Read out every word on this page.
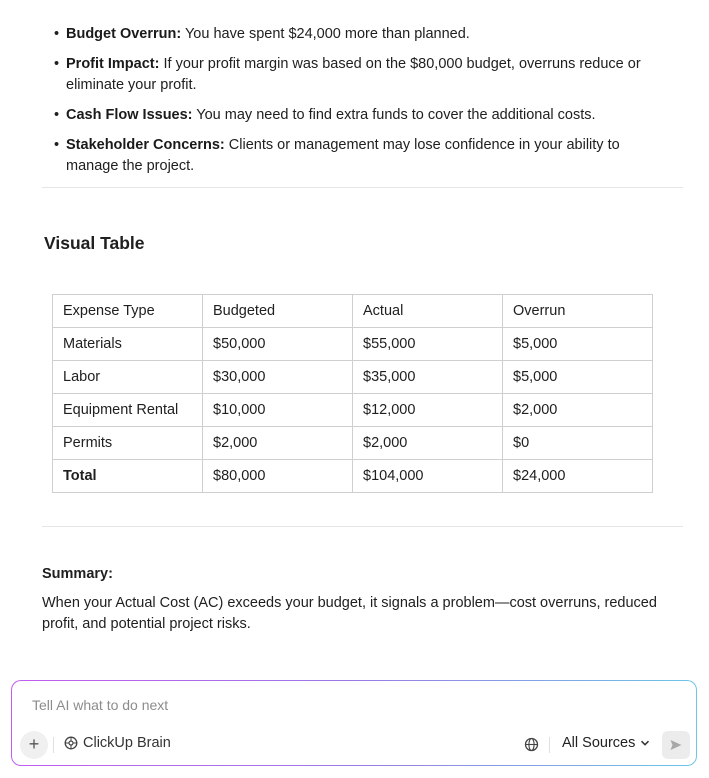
• Budget Overrun: You have spent $24,000 more than planned.
• Profit Impact: If your profit margin was based on the $80,000 budget, overruns reduce or eliminate your profit.
• Cash Flow Issues: You may need to find extra funds to cover the additional costs.
• Stakeholder Concerns: Clients or management may lose confidence in your ability to manage the project.
Visual Table
Expense Type	Budgeted	Actual	Overrun
Materials	$50,000	$55,000	$5,000
Labor	$30,000	$35,000	$5,000
Equipment Rental	$10,000	$12,000	$2,000
Permits	$2,000	$2,000	$0
Total	$80,000	$104,000	$24,000
Summary:
When your Actual Cost (AC) exceeds your budget, it signals a problem—cost overruns, reduced profit, and potential project risks.
Tell AI what to do next
+	ClickUp Brain	All Sources
